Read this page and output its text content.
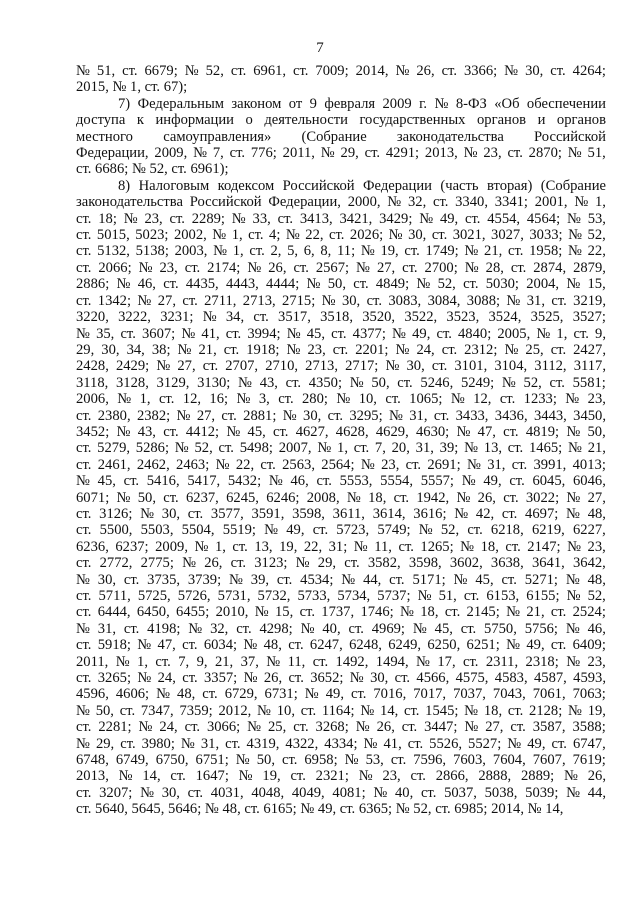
7
№ 51, ст. 6679; № 52, ст. 6961, ст. 7009; 2014, № 26, ст. 3366; № 30, ст. 4264;
2015, № 1, ст. 67);
7) Федеральным законом от 9 февраля 2009 г. № 8-ФЗ «Об обеспечении
доступа к информации о деятельности государственных органов и органов
местного самоуправления» (Собрание законодательства Российской
Федерации, 2009, № 7, ст. 776; 2011, № 29, ст. 4291; 2013, № 23, ст. 2870; № 51,
ст. 6686; № 52, ст. 6961);
8) Налоговым кодексом Российской Федерации (часть вторая) (Собрание
законодательства Российской Федерации, 2000, № 32, ст. 3340, 3341; 2001, № 1,
ст. 18; № 23, ст. 2289; № 33, ст. 3413, 3421, 3429; № 49, ст. 4554, 4564; № 53,
ст. 5015, 5023; 2002, № 1, ст. 4; № 22, ст. 2026; № 30, ст. 3021, 3027, 3033; № 52,
ст. 5132, 5138; 2003, № 1, ст. 2, 5, 6, 8, 11; № 19, ст. 1749; № 21, ст. 1958; № 22,
ст. 2066; № 23, ст. 2174; № 26, ст. 2567; № 27, ст. 2700; № 28, ст. 2874, 2879,
2886; № 46, ст. 4435, 4443, 4444; № 50, ст. 4849; № 52, ст. 5030; 2004, № 15,
ст. 1342; № 27, ст. 2711, 2713, 2715; № 30, ст. 3083, 3084, 3088; № 31, ст. 3219,
3220, 3222, 3231; № 34, ст. 3517, 3518, 3520, 3522, 3523, 3524, 3525, 3527;
№ 35, ст. 3607; № 41, ст. 3994; № 45, ст. 4377; № 49, ст. 4840; 2005, № 1, ст. 9,
29, 30, 34, 38; № 21, ст. 1918; № 23, ст. 2201; № 24, ст. 2312; № 25, ст. 2427,
2428, 2429; № 27, ст. 2707, 2710, 2713, 2717; № 30, ст. 3101, 3104, 3112, 3117,
3118, 3128, 3129, 3130; № 43, ст. 4350; № 50, ст. 5246, 5249; № 52, ст. 5581;
2006, № 1, ст. 12, 16; № 3, ст. 280; № 10, ст. 1065; № 12, ст. 1233; № 23,
ст. 2380, 2382; № 27, ст. 2881; № 30, ст. 3295; № 31, ст. 3433, 3436, 3443, 3450,
3452; № 43, ст. 4412; № 45, ст. 4627, 4628, 4629, 4630; № 47, ст. 4819; № 50,
ст. 5279, 5286; № 52, ст. 5498; 2007, № 1, ст. 7, 20, 31, 39; № 13, ст. 1465; № 21,
ст. 2461, 2462, 2463; № 22, ст. 2563, 2564; № 23, ст. 2691; № 31, ст. 3991, 4013;
№ 45, ст. 5416, 5417, 5432; № 46, ст. 5553, 5554, 5557; № 49, ст. 6045, 6046,
6071; № 50, ст. 6237, 6245, 6246; 2008, № 18, ст. 1942, № 26, ст. 3022; № 27,
ст. 3126; № 30, ст. 3577, 3591, 3598, 3611, 3614, 3616; № 42, ст. 4697; № 48,
ст. 5500, 5503, 5504, 5519; № 49, ст. 5723, 5749; № 52, ст. 6218, 6219, 6227,
6236, 6237; 2009, № 1, ст. 13, 19, 22, 31; № 11, ст. 1265; № 18, ст. 2147; № 23,
ст. 2772, 2775; № 26, ст. 3123; № 29, ст. 3582, 3598, 3602, 3638, 3641, 3642,
№ 30, ст. 3735, 3739; № 39, ст. 4534; № 44, ст. 5171; № 45, ст. 5271; № 48,
ст. 5711, 5725, 5726, 5731, 5732, 5733, 5734, 5737; № 51, ст. 6153, 6155; № 52,
ст. 6444, 6450, 6455; 2010, № 15, ст. 1737, 1746; № 18, ст. 2145; № 21, ст. 2524;
№ 31, ст. 4198; № 32, ст. 4298; № 40, ст. 4969; № 45, ст. 5750, 5756; № 46,
ст. 5918; № 47, ст. 6034; № 48, ст. 6247, 6248, 6249, 6250, 6251; № 49, ст. 6409;
2011, № 1, ст. 7, 9, 21, 37, № 11, ст. 1492, 1494, № 17, ст. 2311, 2318; № 23,
ст. 3265; № 24, ст. 3357; № 26, ст. 3652; № 30, ст. 4566, 4575, 4583, 4587, 4593,
4596, 4606; № 48, ст. 6729, 6731; № 49, ст. 7016, 7017, 7037, 7043, 7061, 7063;
№ 50, ст. 7347, 7359; 2012, № 10, ст. 1164; № 14, ст. 1545; № 18, ст. 2128; № 19,
ст. 2281; № 24, ст. 3066; № 25, ст. 3268; № 26, ст. 3447; № 27, ст. 3587, 3588;
№ 29, ст. 3980; № 31, ст. 4319, 4322, 4334; № 41, ст. 5526, 5527; № 49, ст. 6747,
6748, 6749, 6750, 6751; № 50, ст. 6958; № 53, ст. 7596, 7603, 7604, 7607, 7619;
2013, № 14, ст. 1647; № 19, ст. 2321; № 23, ст. 2866, 2888, 2889; № 26,
ст. 3207; № 30, ст. 4031, 4048, 4049, 4081; № 40, ст. 5037, 5038, 5039; № 44,
ст. 5640, 5645, 5646; № 48, ст. 6165; № 49, ст. 6365; № 52, ст. 6985; 2014, № 14,
